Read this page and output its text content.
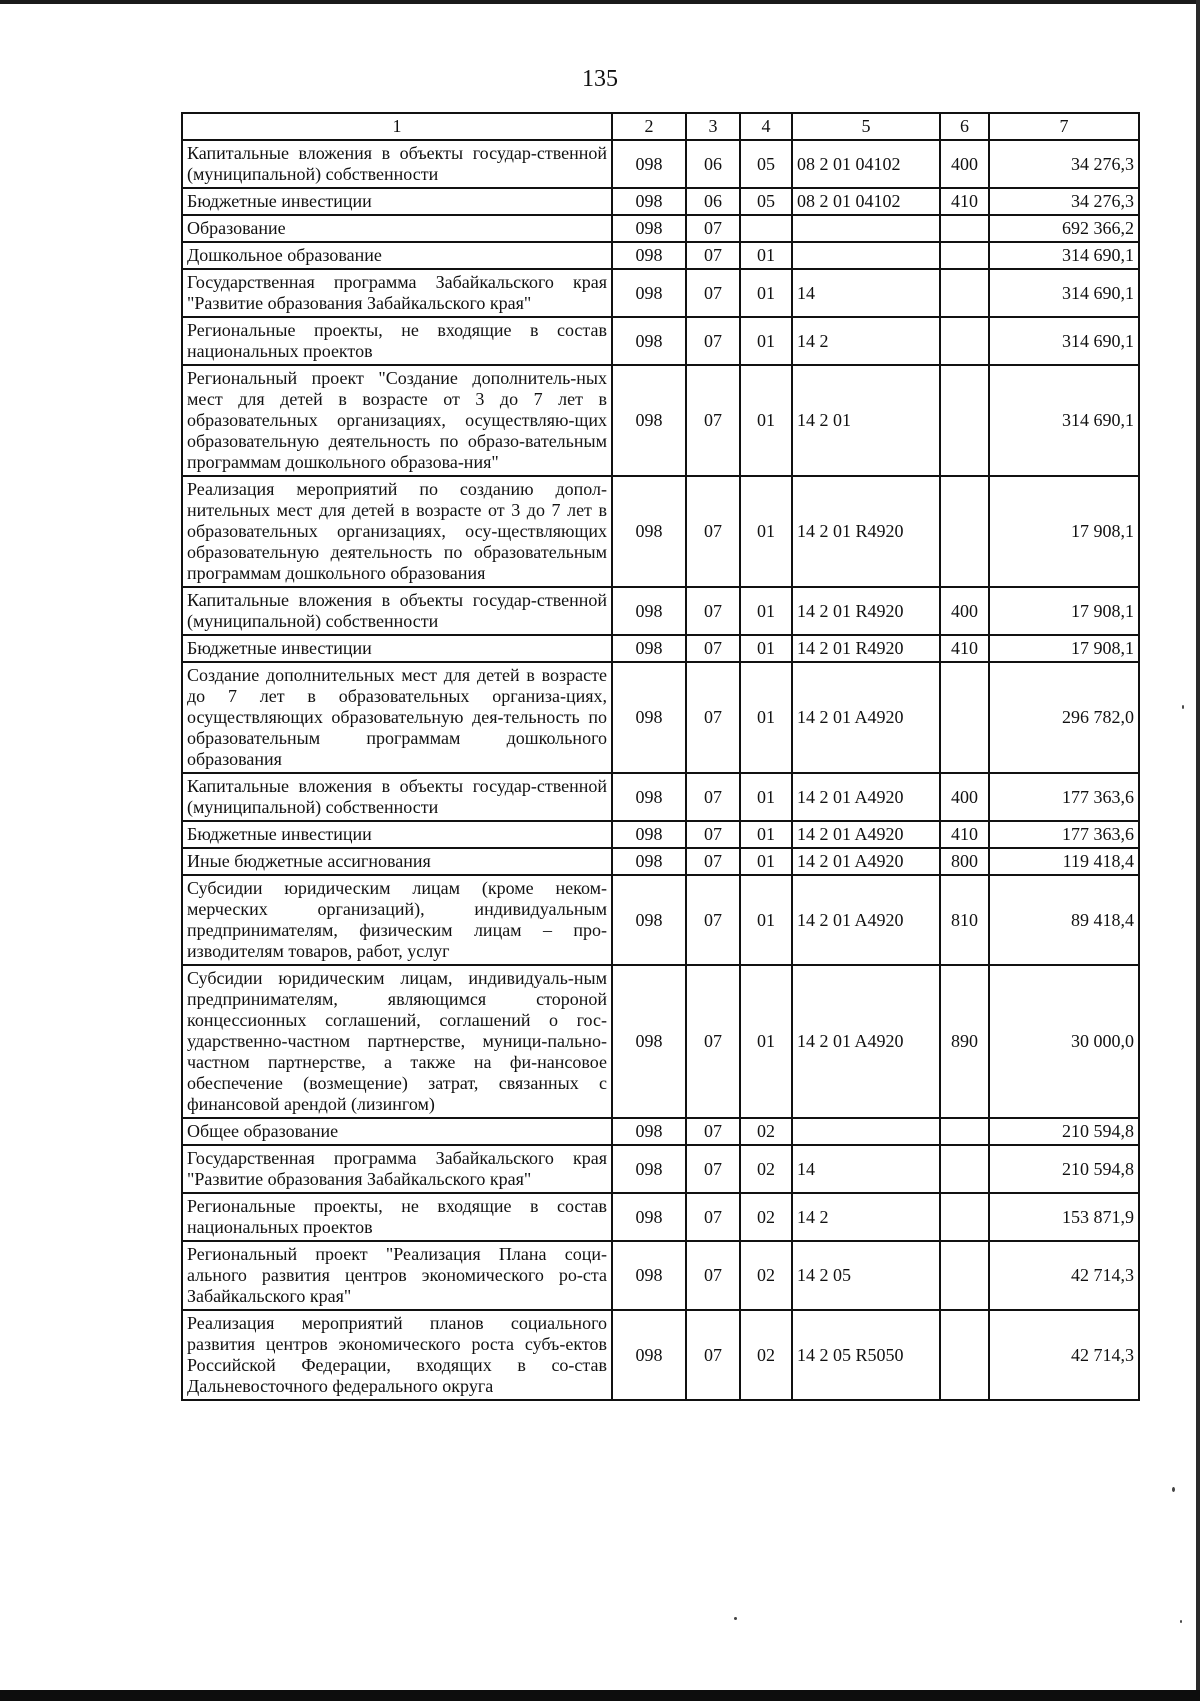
135
1	2	3	4	5	6	7
Капитальные вложения в объекты государ-ственной (муниципальной) собственности	098	06	05	08 2 01 04102	400	34 276,3
Бюджетные инвестиции	098	06	05	08 2 01 04102	410	34 276,3
Образование	098	07				692 366,2
Дошкольное образование	098	07	01			314 690,1
Государственная программа Забайкальского края "Развитие образования Забайкальского края"	098	07	01	14		314 690,1
Региональные проекты, не входящие в состав национальных проектов	098	07	01	14 2		314 690,1
Региональный проект "Создание дополнитель-ных мест для детей в возрасте от 3 до 7 лет в образовательных организациях, осуществляю-щих образовательную деятельность по образо-вательным программам дошкольного образова-ния"	098	07	01	14 2 01		314 690,1
Реализация мероприятий по созданию допол-нительных мест для детей в возрасте от 3 до 7 лет в образовательных организациях, осу-ществляющих образовательную деятельность по образовательным программам дошкольного образования	098	07	01	14 2 01 R4920		17 908,1
Капитальные вложения в объекты государ-ственной (муниципальной) собственности	098	07	01	14 2 01 R4920	400	17 908,1
Бюджетные инвестиции	098	07	01	14 2 01 R4920	410	17 908,1
Создание дополнительных мест для детей в возрасте до 7 лет в образовательных организа-циях, осуществляющих образовательную дея-тельность по образовательным программам дошкольного образования	098	07	01	14 2 01 A4920		296 782,0
Капитальные вложения в объекты государ-ственной (муниципальной) собственности	098	07	01	14 2 01 A4920	400	177 363,6
Бюджетные инвестиции	098	07	01	14 2 01 A4920	410	177 363,6
Иные бюджетные ассигнования	098	07	01	14 2 01 A4920	800	119 418,4
Субсидии юридическим лицам (кроме неком-мерческих организаций), индивидуальным предпринимателям, физическим лицам – про-изводителям товаров, работ, услуг	098	07	01	14 2 01 A4920	810	89 418,4
Субсидии юридическим лицам, индивидуаль-ным предпринимателям, являющимся стороной концессионных соглашений, соглашений о гос-ударственно-частном партнерстве, муници-пально-частном партнерстве, а также на фи-нансовое обеспечение (возмещение) затрат, связанных с финансовой арендой (лизингом)	098	07	01	14 2 01 A4920	890	30 000,0
Общее образование	098	07	02			210 594,8
Государственная программа Забайкальского края "Развитие образования Забайкальского края"	098	07	02	14		210 594,8
Региональные проекты, не входящие в состав национальных проектов	098	07	02	14 2		153 871,9
Региональный проект "Реализация Плана соци-ального развития центров экономического ро-ста Забайкальского края"	098	07	02	14 2 05		42 714,3
Реализация мероприятий планов социального развития центров экономического роста субъ-ектов Российской Федерации, входящих в со-став Дальневосточного федерального округа	098	07	02	14 2 05 R5050		42 714,3
